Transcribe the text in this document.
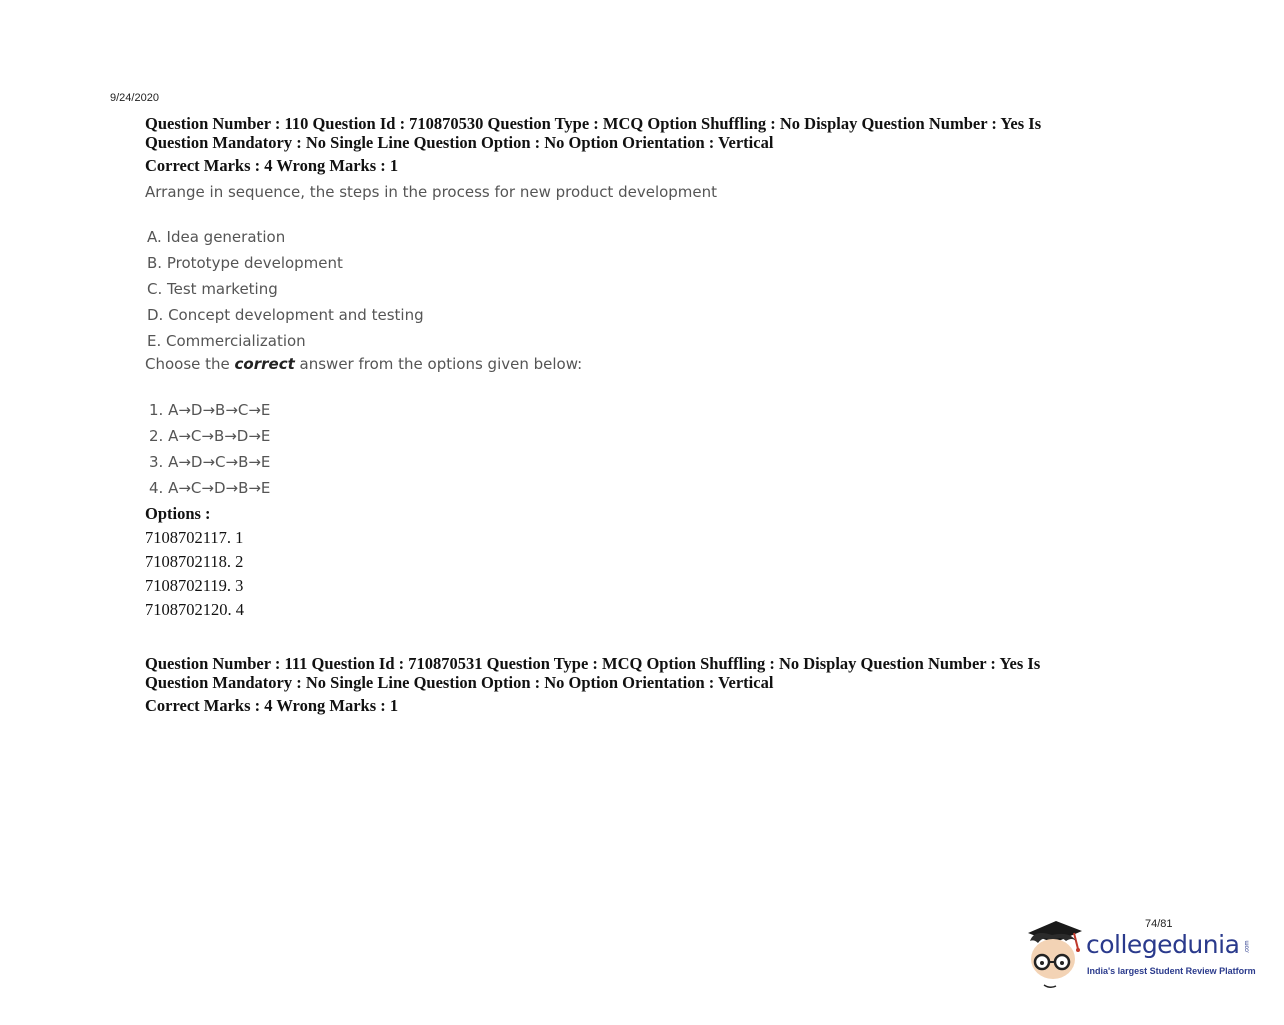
9/24/2020

Question Number : 110 Question Id : 710870530 Question Type : MCQ Option Shuffling : No Display Question Number : Yes Is

Question Mandatory : No Single Line Question Option : No Option Orientation : Vertical

Correct Marks : 4 Wrong Marks : 1
Arrange in sequence, the steps in the process for new product development
A. Idea generation
B. Prototype development
C. Test marketing
D. Concept development and testing
E. Commercialization
Choose the correct answer from the options given below:
1. A→D→B→C→E
2. A→C→B→D→E
3. A→D→C→B→E
4. A→C→D→B→E
Options :
7108702117. 1
7108702118. 2
7108702119. 3
7108702120. 4

Question Number : 111 Question Id : 710870531 Question Type : MCQ Option Shuffling : No Display Question Number : Yes Is

Question Mandatory : No Single Line Question Option : No Option Orientation : Vertical

Correct Marks : 4 Wrong Marks : 1
74/81
collegedunia .com
India's largest Student Review Platform
